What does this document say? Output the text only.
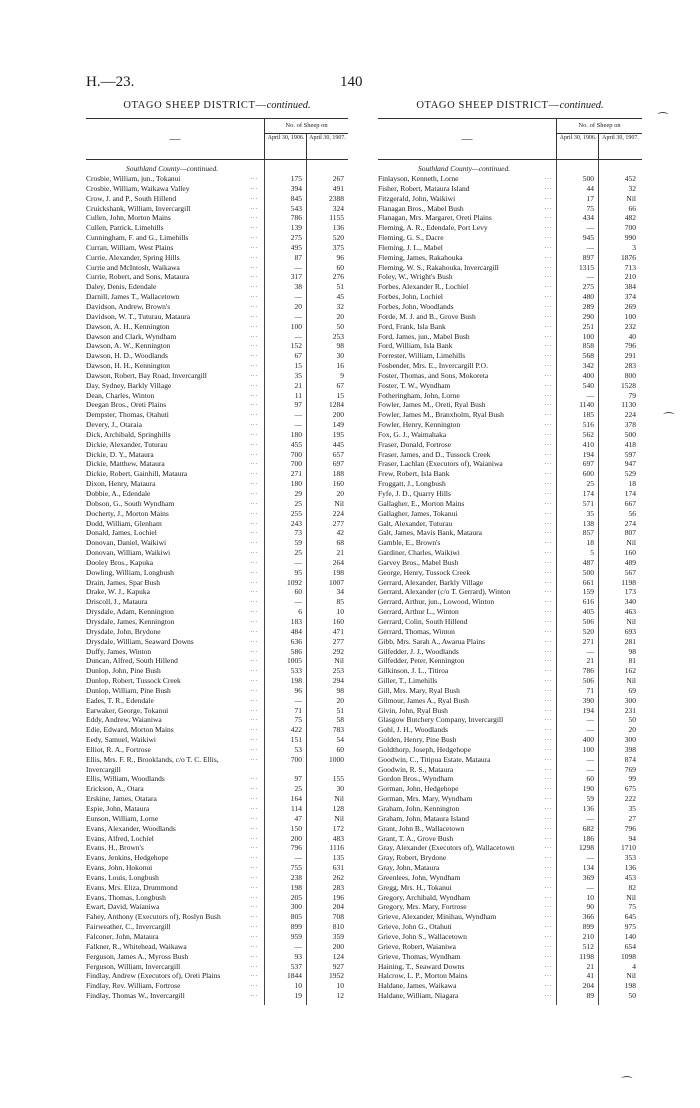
H.—23.	140
OTAGO SHEEP DISTRICT—continued.
—
No. of Sheep on
April 30, 1906. April 30, 1907.
Southland County—continued.
Crosbie, William, jun., Tokanui	...	175	267
Crosbie, William, Waikawa Valley	...	394	491
Crow, J. and P., South Hillend	...	845	2388
Cruickshank, William, Invercargill	...	543	324
Cullen, John, Morton Mains	...	786	1155
Cullen, Patrick, Limehills	...	139	136
Cunningham, F. and G., Limehills	...	275	520
Curran, William, West Plains	...	495	375
Currie, Alexander, Spring Hills	...	87	96
Currie and McIntosh, Waikawa	...	—	60
Currie, Robert, and Sons, Mataura	...	317	276
Daley, Denis, Edendale	...	38	51
Darnill, James T., Wallacetown	...	—	45
Davidson, Andrew, Brown's	...	20	32
Davidson, W. T., Tuturau, Mataura	...	—	20
Dawson, A. H., Kennington	...	100	50
Dawson and Clark, Wyndham	...	—	253
Dawson, A. W., Kennington	...	152	98
Dawson, H. D., Woodlands	...	67	30
Dawson, H. H., Kennington	...	15	16
Dawson, Robert, Bay Road, Invercargill	...	35	9
Day, Sydney, Barkly Village	...	21	67
Dean, Charles, Winton	...	11	15
Deegan Bros., Oreti Plains	...	97	1284
Dempster, Thomas, Otahuti	...	—	200
Devery, J., Otaraia	...	—	149
Dick, Archibald, Springhills	...	180	195
Dickie, Alexander, Tuturau	...	455	445
Dickie, D. Y., Mataura	...	700	657
Dickie, Matthew, Mataura	...	700	697
Dickie, Robert, Gainhill, Mataura	...	271	188
Dixon, Henry, Mataura	...	180	160
Dobbie, A., Edendale	...	29	20
Dobson, G., South Wyndham	...	25	Nil
Docherty, J., Morton Mains	...	255	224
Dodd, William, Glenham	...	243	277
Donald, James, Lochiel	...	73	42
Donovan, Daniel, Waikiwi	...	59	68
Donovan, William, Waikiwi	...	25	21
Dooley Bros., Kapuka	...	—	264
Dowling, William, Longbush	...	95	198
Drain, James, Spar Bush	...	1092	1007
Drake, W. J., Kapuka	...	60	34
Driscoll, J., Mataura	...	—	85
Drysdale, Adam, Kennington	...	6	10
Drysdale, James, Kennington	...	183	160
Drysdale, John, Brydone	...	484	471
Drysdale, William, Seaward Downs	...	636	277
Duffy, James, Winton	...	586	292
Duncan, Alfred, South Hillend	...	1005	Nil
Dunlop, John, Pine Bush	...	533	253
Dunlop, Robert, Tussock Creek	...	198	294
Dunlop, William, Pine Bush	...	96	98
Eades, T. R., Edendale	...	—	20
Earwaker, George, Tokanui	...	71	51
Eddy, Andrew, Waianiwa	...	75	58
Edie, Edward, Morton Mains	...	422	783
Eedy, Samuel, Waikiwi	...	151	54
Elliot, R. A., Fortrose	...	53	60
Ellis, Mrs. F. R., Brooklands, c/o T. C. Ellis,	...	700	1000
Invercargill
Ellis, William, Woodlands	...	97	155
Erickson, A., Otara	...	25	30
Erskine, James, Otatara	...	164	Nil
Espie, John, Mataura	...	114	128
Eunson, William, Lorne	...	47	Nil
Evans, Alexander, Woodlands	...	150	172
Evans, Alfred, Lochiel	...	200	483
Evans, H., Brown's	...	796	1116
Evans, Jenkins, Hedgehope	...	—	135
Evans, John, Hokonui	...	755	631
Evans, Louis, Longbush	...	238	262
Evans, Mrs. Eliza, Drummond	...	198	283
Evans, Thomas, Longbush	...	205	196
Ewart, David, Waianiwa	...	300	204
Fahey, Anthony (Executors of), Roslyn Bush	...	805	708
Fairweather, C., Invercargill	...	899	810
Falconer, John, Mataura	...	959	359
Falkner, R., Whitehead, Waikawa	...	—	200
Ferguson, James A., Myross Bush	...	93	124
Ferguson, William, Invercargill	...	537	927
Findlay, Andrew (Executors of), Oreti Plains	...	1844	1952
Findlay, Rev. William, Fortrose	...	10	10
Findlay, Thomas W., Invercargill	...	19	12
OTAGO SHEEP DISTRICT—continued.
—
No. of Sheep on
April 30, 1906. April 30, 1907.
Southland County—continued.
Finlayson, Kenneth, Lorne	...	500	452
Fisher, Robert, Mataura Island	...	44	32
Fitzgerald, John, Waikiwi	...	17	Nil
Flanagan Bros., Mabel Bush	...	75	66
Flanagan, Mrs. Margaret, Oreti Plains	...	434	482
Fleming, A. R., Edendale, Port Levy	...	—	700
Fleming, G. S., Dacre	...	945	990
Fleming, J. L., Mabel	...	—	3
Fleming, James, Rakahouka	...	897	1876
Fleming, W. S., Rakahouka, Invercargill	...	1315	713
Foley, W., Wright's Bush	...	—	210
Forbes, Alexander R., Lochiel	...	275	384
Forbes, John, Lochiel	...	480	374
Forbes, John, Woodlands	...	289	269
Forde, M. J. and B., Grove Bush	...	290	100
Ford, Frank, Isla Bank	...	251	232
Ford, James, jun., Mabel Bush	...	100	40
Ford, William, Isla Bank	...	858	796
Forrester, William, Limehills	...	568	291
Fosbender, Mrs. E., Invercargill P.O.	...	342	283
Foster, Thomas, and Sons, Mokoreta	...	400	800
Foster, T. W., Wyndham	...	540	1528
Fotheringham, John, Lorne	...	—	79
Fowler, James M., Oreti, Ryal Bush	...	1140	1130
Fowler, James M., Branxholm, Ryal Bush	...	185	224
Fowler, Henry, Kennington	...	516	378
Fox, G. J., Waimahaka	...	562	500
Fraser, Donald, Fortrose	...	410	418
Fraser, James, and D., Tussock Creek	...	194	597
Fraser, Lachlan (Executors of), Waianiwa	...	697	947
Frew, Robert, Isla Bank	...	600	529
Froggatt, J., Longbush	...	25	18
Fyfe, J. D., Quarry Hills	...	174	174
Gallagher, E., Morton Mains	...	571	667
Gallagher, James, Tokanui	...	35	56
Galt, Alexander, Tuturau	...	138	274
Galt, James, Mavis Bank, Mataura	...	857	807
Gamble, E., Brown's	...	18	Nil
Gardiner, Charles, Waikiwi	...	5	160
Garvey Bros., Mabel Bush	...	487	489
George, Henry, Tussock Creek	...	500	567
Gerrard, Alexander, Barkly Village	...	661	1198
Gerrard, Alexander (c/o T. Gerrard), Winton	...	159	173
Gerrard, Arthur, jun., Lowood, Winton	...	616	340
Gerrard, Arthur L., Winton	...	405	463
Gerrard, Colin, South Hillend	...	506	Nil
Gerrard, Thomas, Winton	...	520	693
Gibb, Mrs. Sarah A., Awarua Plains	...	271	281
Gilfedder, J. J., Woodlands	...	—	98
Gilfedder, Peter, Kennington	...	21	81
Gilkinson, J. L., Titiroa	...	786	162
Giller, T., Limehills	...	506	Nil
Gill, Mrs. Mary, Ryal Bush	...	71	69
Gilmour, James A., Ryal Bush	...	390	300
Givin, John, Ryal Bush	...	194	231
Glasgow Butchery Company, Invercargill	...	—	50
Gohl, J. H., Woodlands	...	—	20
Golden, Henry, Pine Bush	...	400	300
Goldthorp, Joseph, Hedgehope	...	100	398
Goodwin, C., Titipua Estate, Mataura	...	—	874
Goodwin, R. S., Mataura	...	—	769
Gordon Bros., Wyndham	...	60	99
Gorman, John, Hedgehope	...	190	675
Gorman, Mrs. Mary, Wyndham	...	59	222
Graham, John, Kennington	...	136	35
Graham, John, Mataura Island	...	—	27
Grant, John B., Wallacetown	...	682	796
Grant, T. A., Grove Bush	...	186	94
Gray, Alexander (Executors of), Wallacetown	...	1298	1710
Gray, Robert, Brydone	...	—	353
Gray, John, Mataura	...	134	136
Greenlees, John, Wyndham	...	369	453
Gregg, Mrs. H., Tokanui	...	—	82
Gregory, Archibald, Wyndham	...	10	Nil
Gregory, Mrs. Mary, Fortrose	...	90	75
Grieve, Alexander, Minihau, Wyndham	...	366	645
Grieve, John G., Otahuti	...	899	975
Grieve, John S., Wallacetown	...	210	140
Grieve, Robert, Waianiwa	...	512	654
Grieve, Thomas, Wyndham	...	1198	1098
Haining, T., Seaward Downs	...	21	4
Halcrow, L. P., Morton Mains	...	41	Nil
Haldane, James, Waikawa	...	204	198
Haldane, William, Niagara	...	89	50
⁀
⁀
⁀
